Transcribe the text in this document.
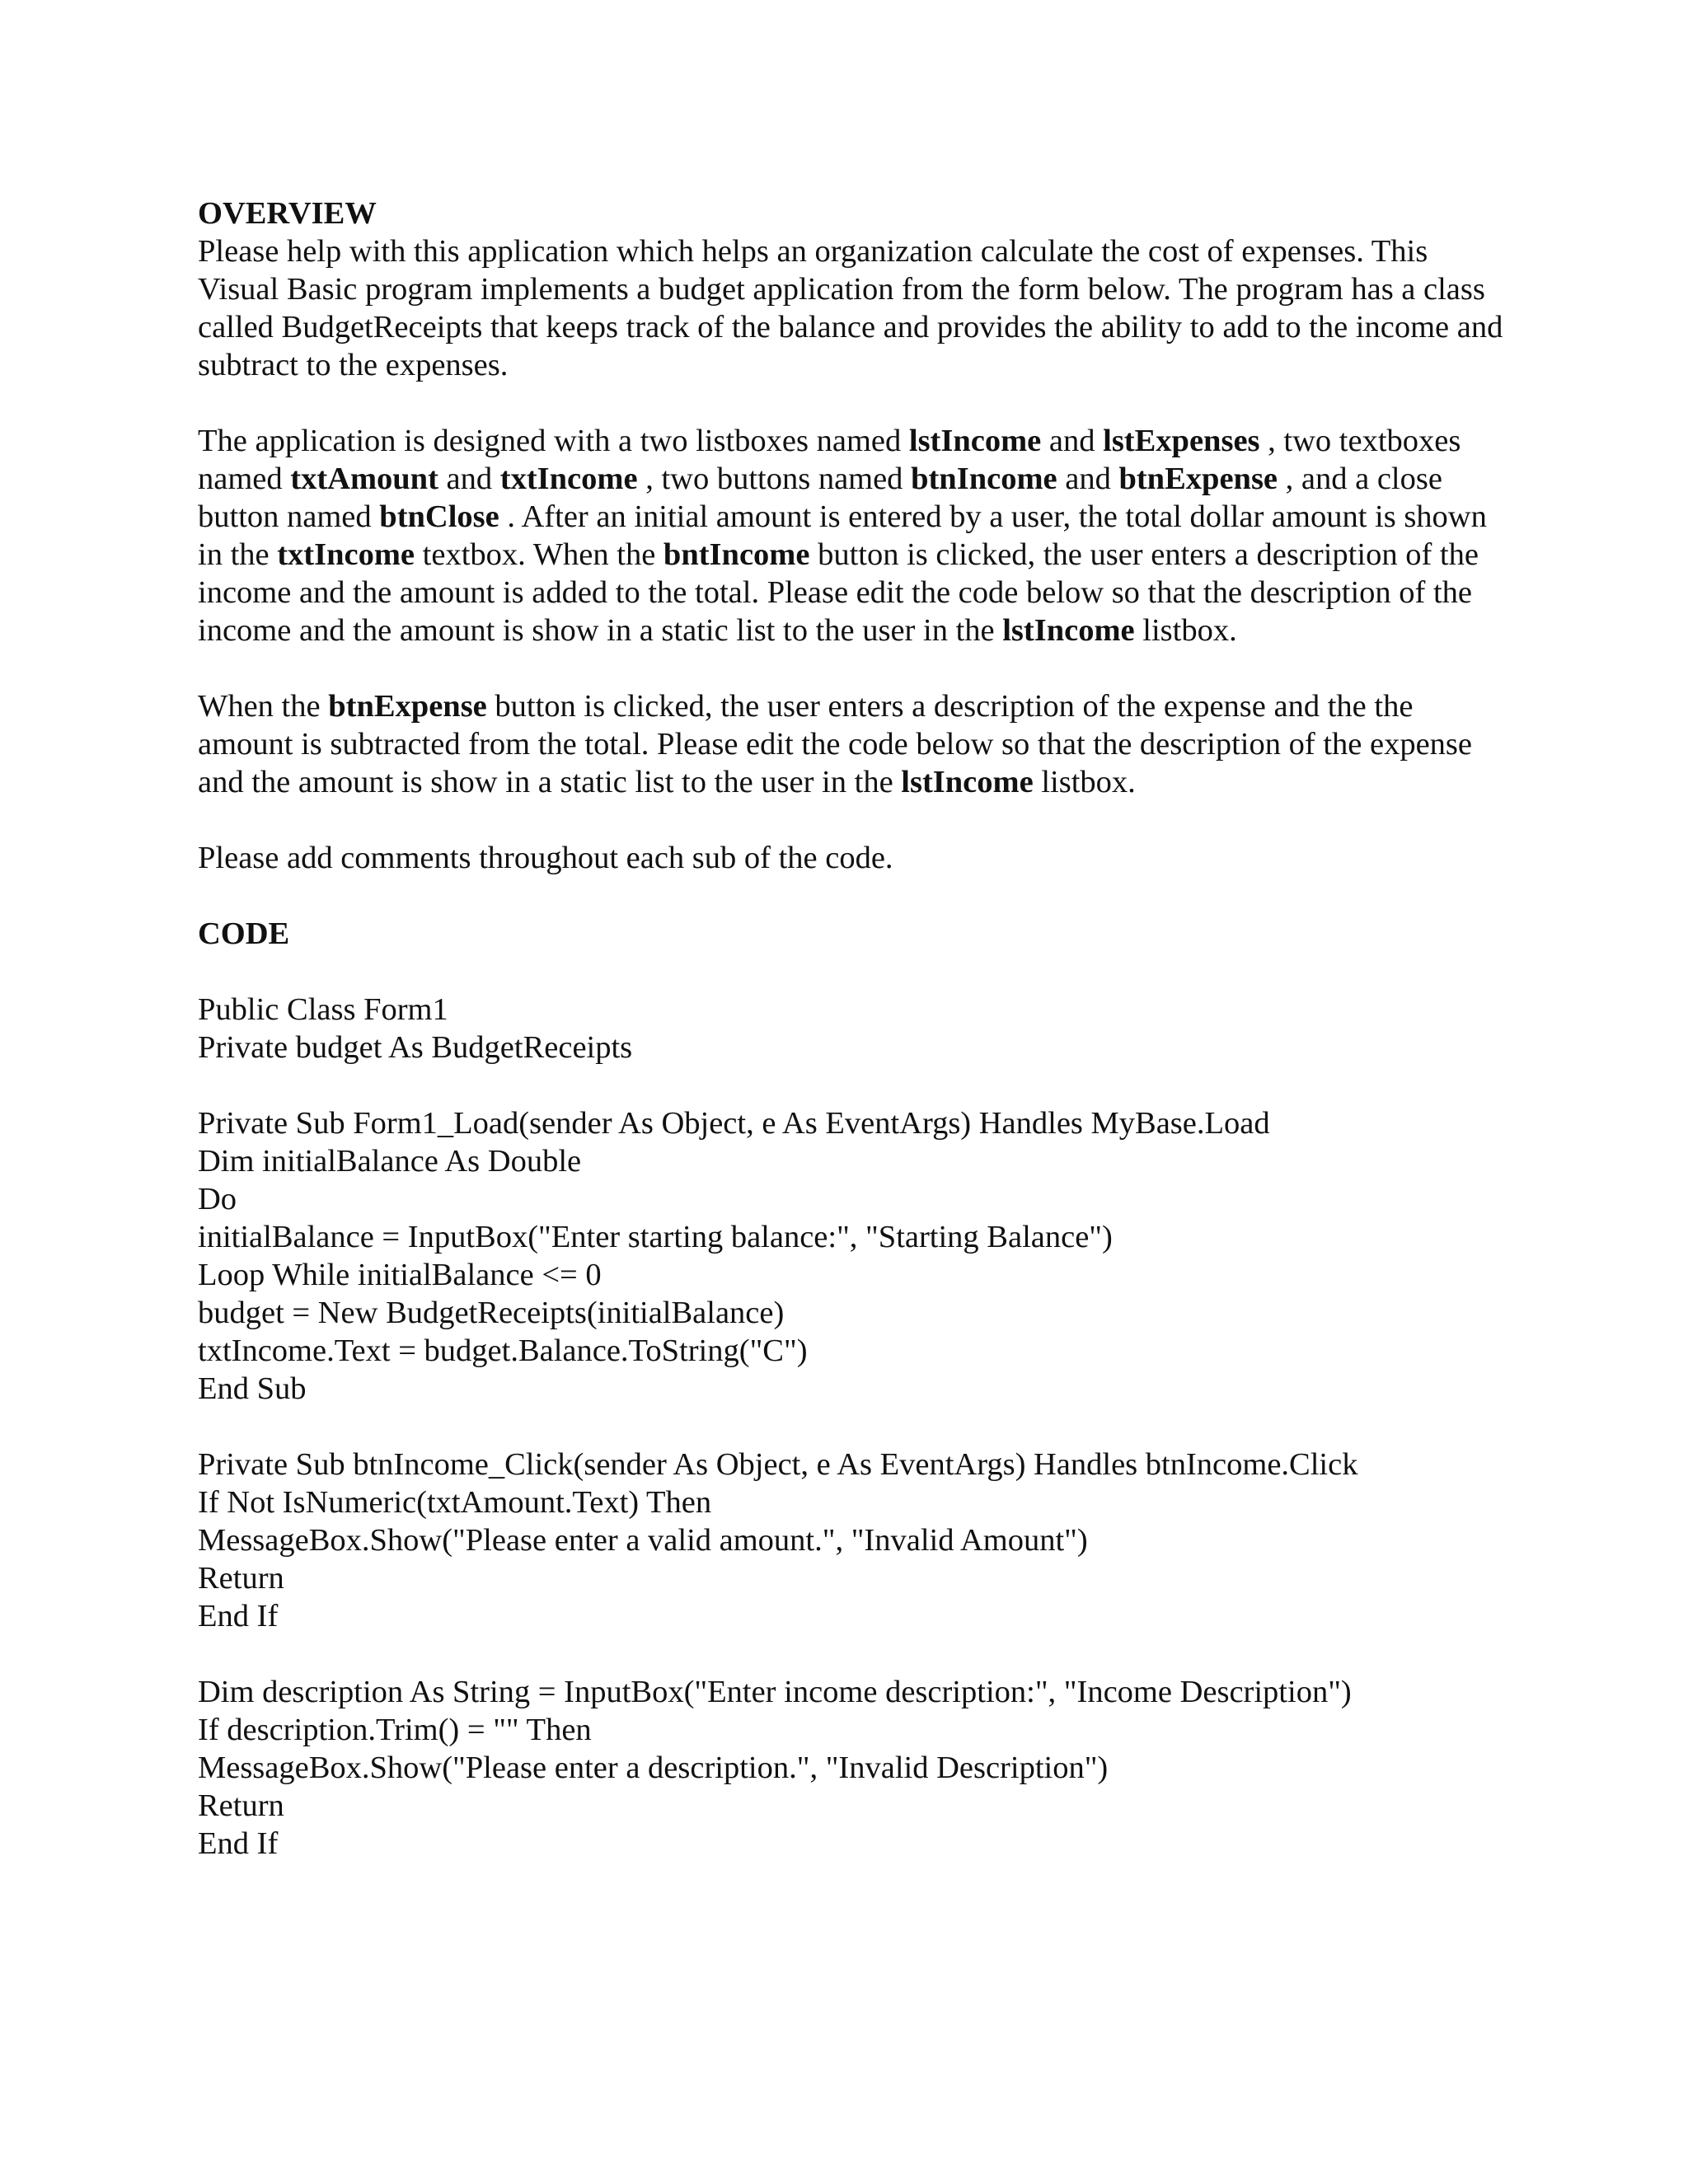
OVERVIEW

Please help with this application which helps an organization calculate the cost of expenses. This Visual Basic program implements a budget application from the form below. The program has a class called BudgetReceipts that keeps track of the balance and provides the ability to add to the income and subtract to the expenses.

The application is designed with a two listboxes named lstIncome and lstExpenses , two textboxes named txtAmount and txtIncome , two buttons named btnIncome and btnExpense , and a close button named btnClose . After an initial amount is entered by a user, the total dollar amount is shown in the txtIncome textbox. When the bntIncome button is clicked, the user enters a description of the income and the amount is added to the total. Please edit the code below so that the description of the income and the amount is show in a static list to the user in the lstIncome listbox.

When the btnExpense button is clicked, the user enters a description of the expense and the the amount is subtracted from the total. Please edit the code below so that the description of the expense and the amount is show in a static list to the user in the lstIncome listbox.

Please add comments throughout each sub of the code.

CODE

Public Class Form1

Private budget As BudgetReceipts

Private Sub Form1_Load(sender As Object, e As EventArgs) Handles MyBase.Load

Dim initialBalance As Double

Do

initialBalance = InputBox("Enter starting balance:", "Starting Balance")

Loop While initialBalance <= 0

budget = New BudgetReceipts(initialBalance)

txtIncome.Text = budget.Balance.ToString("C")

End Sub

Private Sub btnIncome_Click(sender As Object, e As EventArgs) Handles btnIncome.Click

If Not IsNumeric(txtAmount.Text) Then

MessageBox.Show("Please enter a valid amount.", "Invalid Amount")

Return

End If

Dim description As String = InputBox("Enter income description:", "Income Description")

If description.Trim() = "" Then

MessageBox.Show("Please enter a description.", "Invalid Description")

Return

End If
